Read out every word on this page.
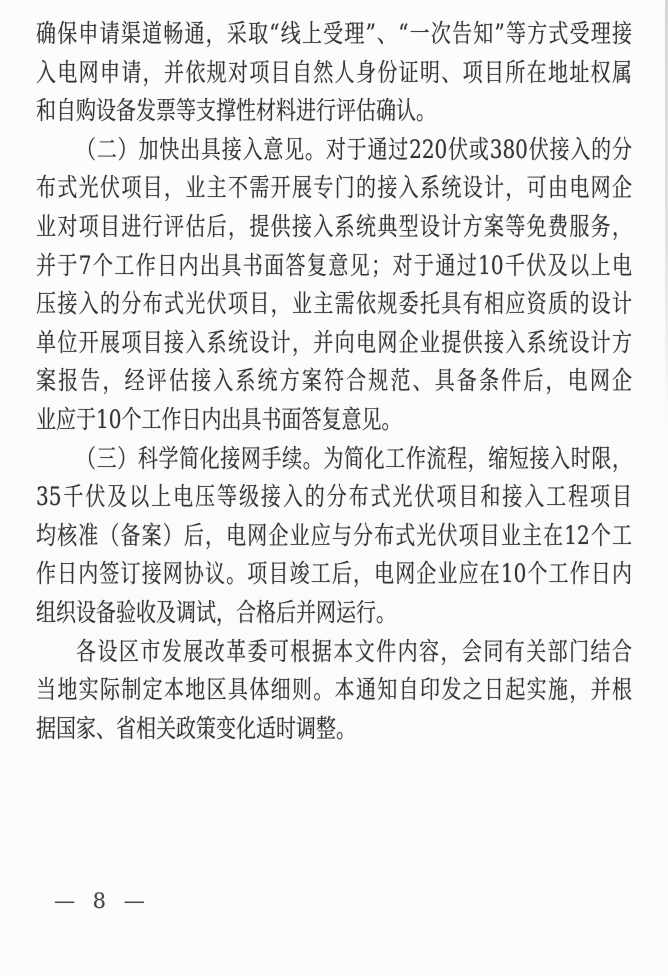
确保申请渠道畅通，采取“线上受理”、“一次告知”等方式受理接
入电网申请，并依规对项目自然人身份证明、项目所在地址权属
和自购设备发票等支撑性材料进行评估确认。
（二）加快出具接入意见。对于通过220伏或380伏接入的分
布式光伏项目，业主不需开展专门的接入系统设计，可由电网企
业对项目进行评估后，提供接入系统典型设计方案等免费服务，
并于7个工作日内出具书面答复意见；对于通过10千伏及以上电
压接入的分布式光伏项目，业主需依规委托具有相应资质的设计
单位开展项目接入系统设计，并向电网企业提供接入系统设计方
案报告，经评估接入系统方案符合规范、具备条件后，电网企
业应于10个工作日内出具书面答复意见。
（三）科学简化接网手续。为简化工作流程，缩短接入时限，
35千伏及以上电压等级接入的分布式光伏项目和接入工程项目
均核准（备案）后，电网企业应与分布式光伏项目业主在12个工
作日内签订接网协议。项目竣工后，电网企业应在10个工作日内
组织设备验收及调试，合格后并网运行。
各设区市发展改革委可根据本文件内容，会同有关部门结合
当地实际制定本地区具体细则。本通知自印发之日起实施，并根
据国家、省相关政策变化适时调整。
— 8 —
